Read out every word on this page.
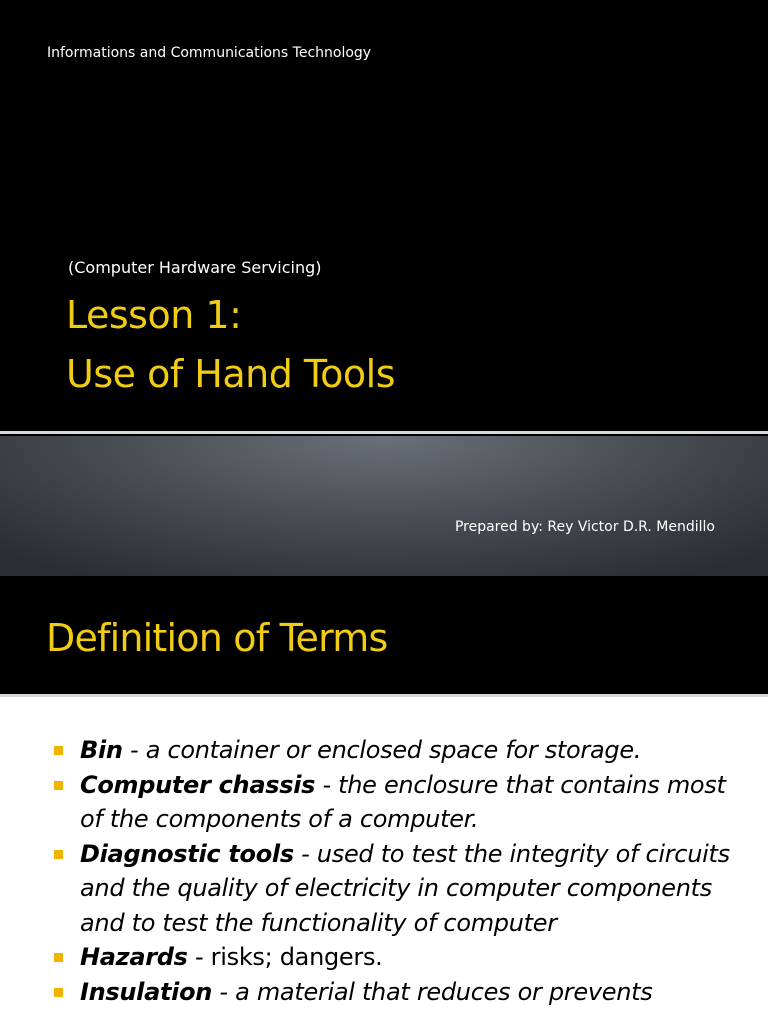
Informations and Communications Technology
(Computer Hardware Servicing)
Lesson 1:
Use of Hand Tools
Prepared by: Rey Victor D.R. Mendillo
Definition of Terms
Bin - a container or enclosed space for storage.
Computer chassis - the enclosure that contains most of the components of a computer.
Diagnostic tools - used to test the integrity of circuits and the quality of electricity in computer components and to test the functionality of computer
Hazards - risks; dangers.
Insulation - a material that reduces or prevents
